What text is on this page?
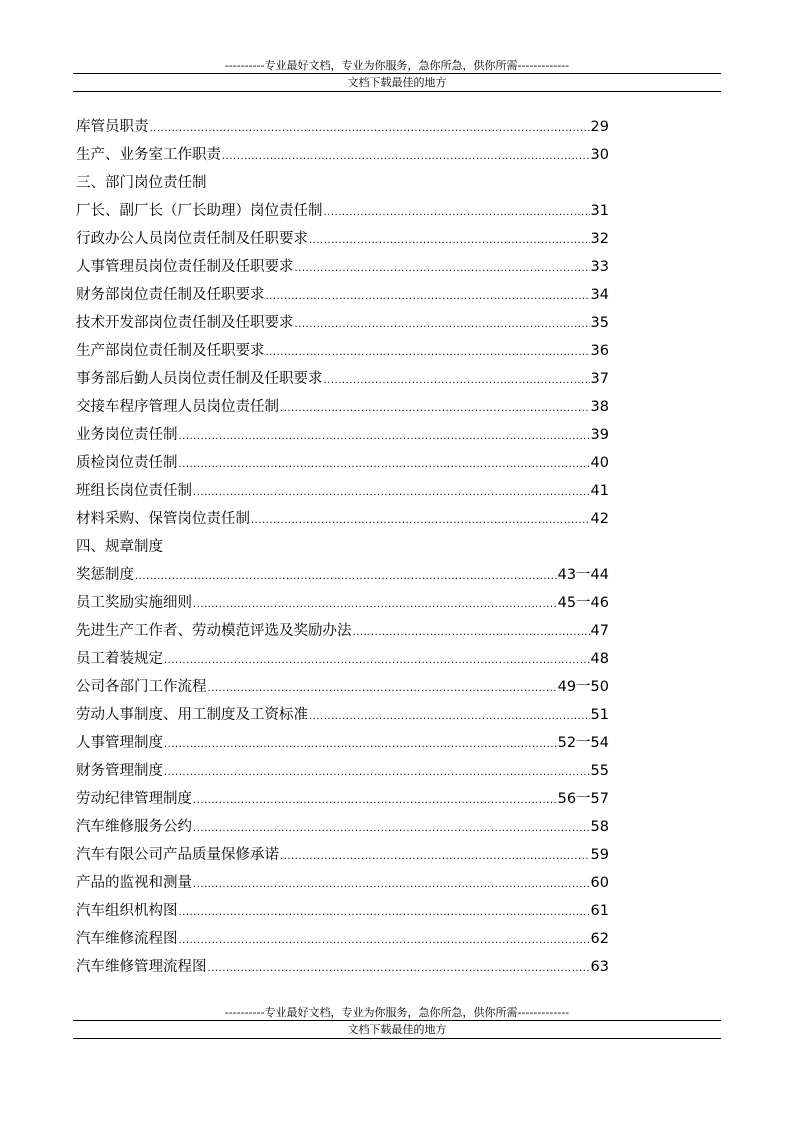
----------专业最好文档，专业为你服务，急你所急，供你所需-------------
文档下载最佳的地方
库管员职责 .....	29
生产、业务室工作职责 .....	30
三、部门岗位责任制
厂长、副厂长（厂长助理）岗位责任制 .....	31
行政办公人员岗位责任制及任职要求 .....	32
人事管理员岗位责任制及任职要求 .....	33
财务部岗位责任制及任职要求 .....	34
技术开发部岗位责任制及任职要求 .....	35
生产部岗位责任制及任职要求 .....	36
事务部后勤人员岗位责任制及任职要求 .....	37
交接车程序管理人员岗位责任制 .....	38
业务岗位责任制 .....	39
质检岗位责任制 .....	40
班组长岗位责任制 .....	41
材料采购、保管岗位责任制 .....	42
四、规章制度
奖惩制度 .....	43一44
员工奖励实施细则 .....	45一46
先进生产工作者、劳动模范评选及奖励办法 .....	47
员工着装规定 .....	48
公司各部门工作流程 .....	49一50
劳动人事制度、用工制度及工资标准 .....	51
人事管理制度 .....	52一54
财务管理制度 .....	55
劳动纪律管理制度 .....	56一57
汽车维修服务公约 .....	58
汽车有限公司产品质量保修承诺 .....	59
产品的监视和测量 .....	60
汽车组织机构图 .....	61
汽车维修流程图 .....	62
汽车维修管理流程图 .....	63
----------专业最好文档，专业为你服务，急你所急，供你所需-------------
文档下载最佳的地方
